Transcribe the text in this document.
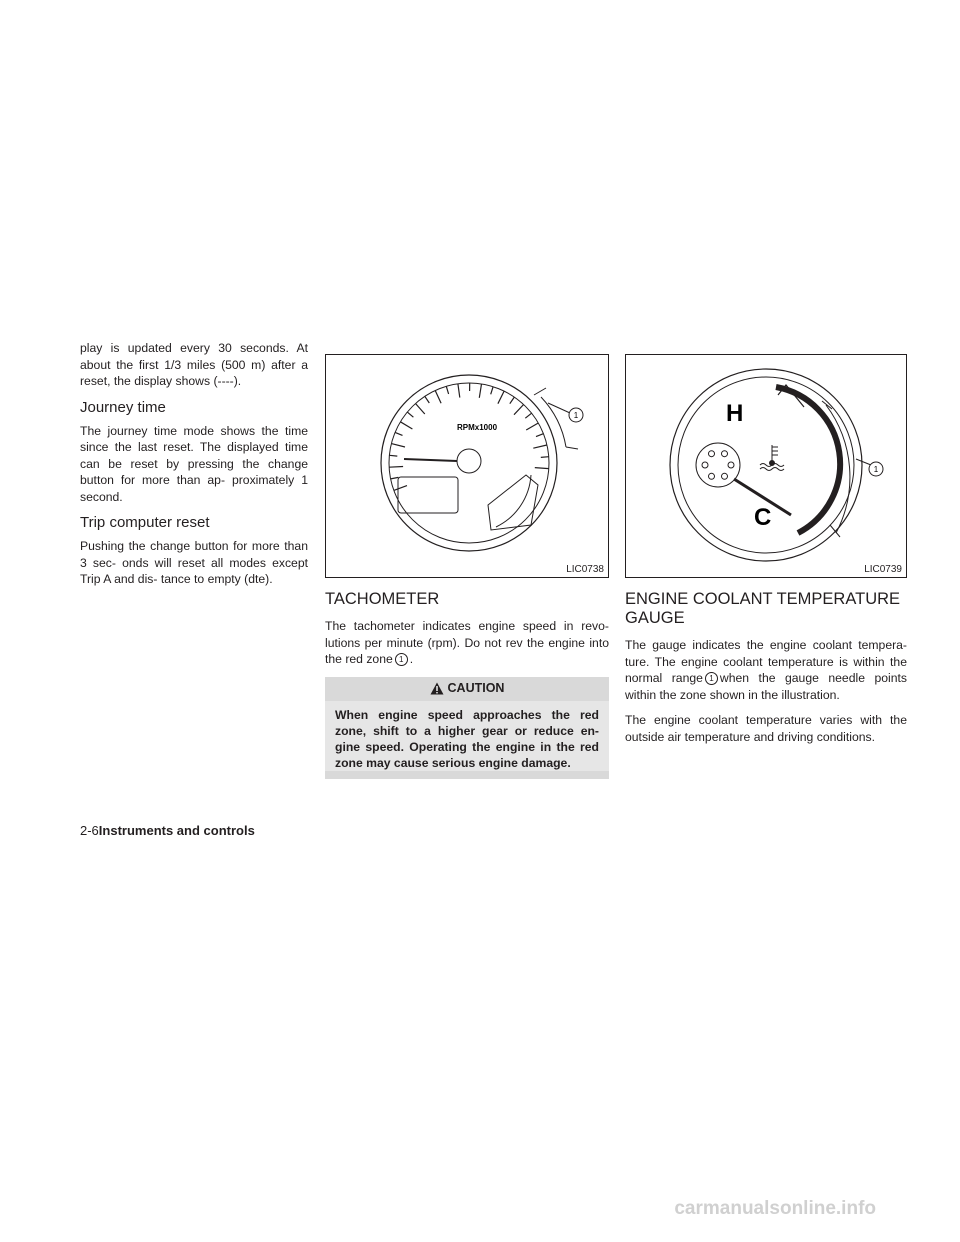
play is updated every 30 seconds. At about the first 1/3 miles (500 m) after a reset, the display shows (----).

Journey time

The journey time mode shows the time since the last reset. The displayed time can be reset by pressing the change button for more than ap- proximately 1 second.

Trip computer reset

Pushing the change button for more than 3 sec- onds will reset all modes except Trip A and dis- tance to empty (dte).

1
RPMx1000
LIC0738
TACHOMETER

The tachometer indicates engine speed in revo- lutions per minute (rpm). Do not rev the engine into the red zone 1 .

CAUTION

When engine speed approaches the red zone, shift to a higher gear or reduce en- gine speed. Operating the engine in the red zone may cause serious engine damage.

1
H
C
LIC0739
ENGINE COOLANT TEMPERATURE GAUGE

The gauge indicates the engine coolant tempera- ture. The engine coolant temperature is within the normal range 1 when the gauge needle points within the zone shown in the illustration.

The engine coolant temperature varies with the outside air temperature and driving conditions.

2-6Instruments and controls
carmanualsonline.info
